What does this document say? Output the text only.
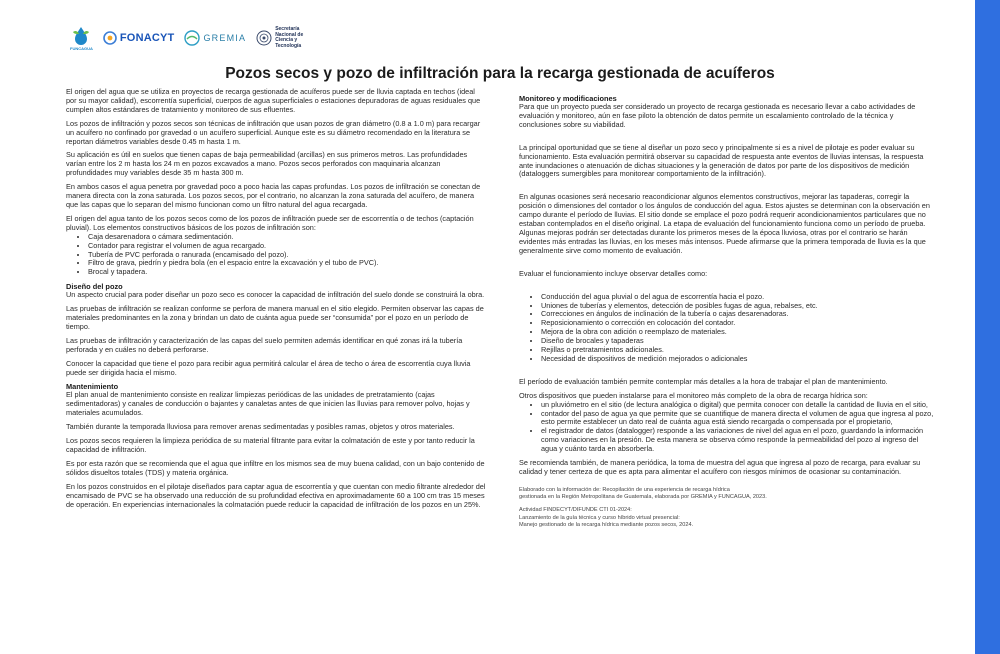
FUNCAGUA
FONACYT	GREMIA
Secretaría
Nacional de
Ciencia y
Tecnología
Pozos secos y pozo de infiltración para la recarga gestionada de acuíferos

El origen del agua que se utiliza en proyectos de recarga gestionada de acuíferos puede ser de lluvia captada en techos (ideal por su mayor calidad), escorrentía superficial, cuerpos de agua superficiales o estaciones depuradoras de aguas residuales que cumplen altos estándares de tratamiento y monitoreo de sus efluentes.

Los pozos de infiltración y pozos secos son técnicas de infiltración que usan pozos de gran diámetro (0.8 a 1.0 m) para recargar un acuífero no confinado por gravedad o un acuífero superficial. Aunque este es su diámetro recomendado en la literatura se reportan diámetros variables desde 0.45 m hasta 1 m.

Su aplicación es útil en suelos que tienen capas de baja permeabilidad (arcillas) en sus primeros metros. Las profundidades varían entre los 2 m hasta los 24 m en pozos excavados a mano. Pozos secos perforados con maquinaria alcanzan profundidades muy variables desde 35 m hasta 300 m.

En ambos casos el agua penetra por gravedad poco a poco hacia las capas profundas. Los pozos de infiltración se conectan de manera directa con la zona saturada. Los pozos secos, por el contrario, no alcanzan la zona saturada del acuífero, de manera que las capas que lo separan del mismo funcionan como un filtro natural del agua recargada.

El origen del agua tanto de los pozos secos como de los pozos de infiltración puede ser de escorrentía o de techos (captación pluvial). Los elementos constructivos básicos de los pozos de infiltración son:

• Caja desarenadora o cámara sedimentación.
• Contador para registrar el volumen de agua recargado.
• Tubería de PVC perforada o ranurada (encamisado del pozo).
• Filtro de grava, piedrín y piedra bola (en el espacio entre la excavación y el tubo de PVC).
• Brocal y tapadera.
Diseño del pozo

Un aspecto crucial para poder diseñar un pozo seco es conocer la capacidad de infiltración del suelo donde se construirá la obra.

Las pruebas de infiltración se realizan conforme se perfora de manera manual en el sitio elegido. Permiten observar las capas de materiales predominantes en la zona y brindan un dato de cuánta agua puede ser “consumida” por el pozo en un período de tiempo.

Las pruebas de infiltración y caracterización de las capas del suelo permiten además identificar en qué zonas irá la tubería perforada y en cuáles no deberá perforarse.

Conocer la capacidad que tiene el pozo para recibir agua permitirá calcular el área de techo o área de escorrentía cuya lluvia puede ser dirigida hacia el mismo.

Mantenimiento

El plan anual de mantenimiento consiste en realizar limpiezas periódicas de las unidades de pretratamiento (cajas sedimentadoras) y canales de conducción o bajantes y canaletas antes de que inicien las lluvias para remover polvo, hojas y materiales acumulados.

También durante la temporada lluviosa para remover arenas sedimentadas y posibles ramas, objetos y otros materiales.

Los pozos secos requieren la limpieza periódica de su material filtrante para evitar la colmatación de este y por tanto reducir la capacidad de infiltración.

Es por esta razón que se recomienda que el agua que infiltre en los mismos sea de muy buena calidad, con un bajo contenido de sólidos disueltos totales (TDS) y materia orgánica.

En los pozos construidos en el pilotaje diseñados para captar agua de escorrentía y que cuentan con medio filtrante alrededor del encamisado de PVC se ha observado una reducción de su profundidad efectiva en aproximadamente 60 a 100 cm tras 15 meses de operación. En experiencias internacionales la colmatación puede reducir la capacidad de infiltración de los pozos en un 25%.

Monitoreo y modificaciones

Para que un proyecto pueda ser considerado un proyecto de recarga gestionada es necesario llevar a cabo actividades de evaluación y monitoreo, aún en fase piloto la obtención de datos permite un escalamiento controlado de la técnica y conclusiones sobre su viabilidad.

La principal oportunidad que se tiene al diseñar un pozo seco y principalmente si es a nivel de pilotaje es poder evaluar su funcionamiento. Esta evaluación permitirá observar su capacidad de respuesta ante eventos de lluvias intensas, la respuesta ante inundaciones o atenuación de dichas situaciones y la generación de datos por parte de los dispositivos de medición (dataloggers sumergibles para monitorear comportamiento de la infiltración).

En algunas ocasiones será necesario reacondicionar algunos elementos constructivos, mejorar las tapaderas, corregir la posición o dimensiones del contador o los ángulos de conducción del agua. Estos ajustes se determinan con la observación en campo durante el período de lluvias. El sitio donde se emplace el pozo podrá requerir acondicionamientos particulares que no estaban contemplados en el diseño original. La etapa de evaluación del funcionamiento funciona como un período de prueba. Algunas mejoras podrán ser detectadas durante los primeros meses de la época lluviosa, otras por el contrario se harán evidentes más entradas las lluvias, en los meses más intensos. Puede afirmarse que la primera temporada de lluvia es la que generalmente sirve como momento de evaluación.

Evaluar el funcionamiento incluye observar detalles como:

• Conducción del agua pluvial o del agua de escorrentía hacia el pozo.
• Uniones de tuberías y elementos, detección de posibles fugas de agua, rebalses, etc.
• Correcciones en ángulos de inclinación de la tubería o cajas desarenadoras.
• Reposicionamiento o corrección en colocación del contador.
• Mejora de la obra con adición o reemplazo de materiales.
• Diseño de brocales y tapaderas
• Rejillas o pretratamientos adicionales.
• Necesidad de dispositivos de medición mejorados o adicionales

El período de evaluación también permite contemplar más detalles a la hora de trabajar el plan de mantenimiento.

Otros dispositivos que pueden instalarse para el monitoreo más completo de la obra de recarga hídrica son:

• un pluviómetro en el sitio (de lectura analógica o digital) que permita conocer con detalle la cantidad de lluvia en el sitio,
• contador del paso de agua ya que permite que se cuantifique de manera directa el volumen de agua que ingresa al pozo, esto permite establecer un dato real de cuánta agua está siendo recargada o compensada por el propietario,
• el registrador de datos (datalogger) responde a las variaciones de nivel del agua en el pozo, guardando la información como variaciones en la presión. De esta manera se observa cómo responde la permeabilidad del pozo al ingreso del agua y cuánto tarda en absorberla.

Se recomienda también, de manera periódica, la toma de muestra del agua que ingresa al pozo de recarga, para evaluar su calidad y tener certeza de que es apta para alimentar el acuífero con riesgos mínimos de ocasionar su contaminación.

Elaborado con la información de: Recopilación de una experiencia de recarga hídrica
gestionada en la Región Metropolitana de Guatemala, elaborada por GREMIA y FUNCAGUA, 2023.
Actividad FINDECYT/DIFUNDE CTI 01-2024:
Lanzamiento de la guía técnica y curso híbrido virtual presencial:
Manejo gestionado de la recarga hídrica mediante pozos secos, 2024.
